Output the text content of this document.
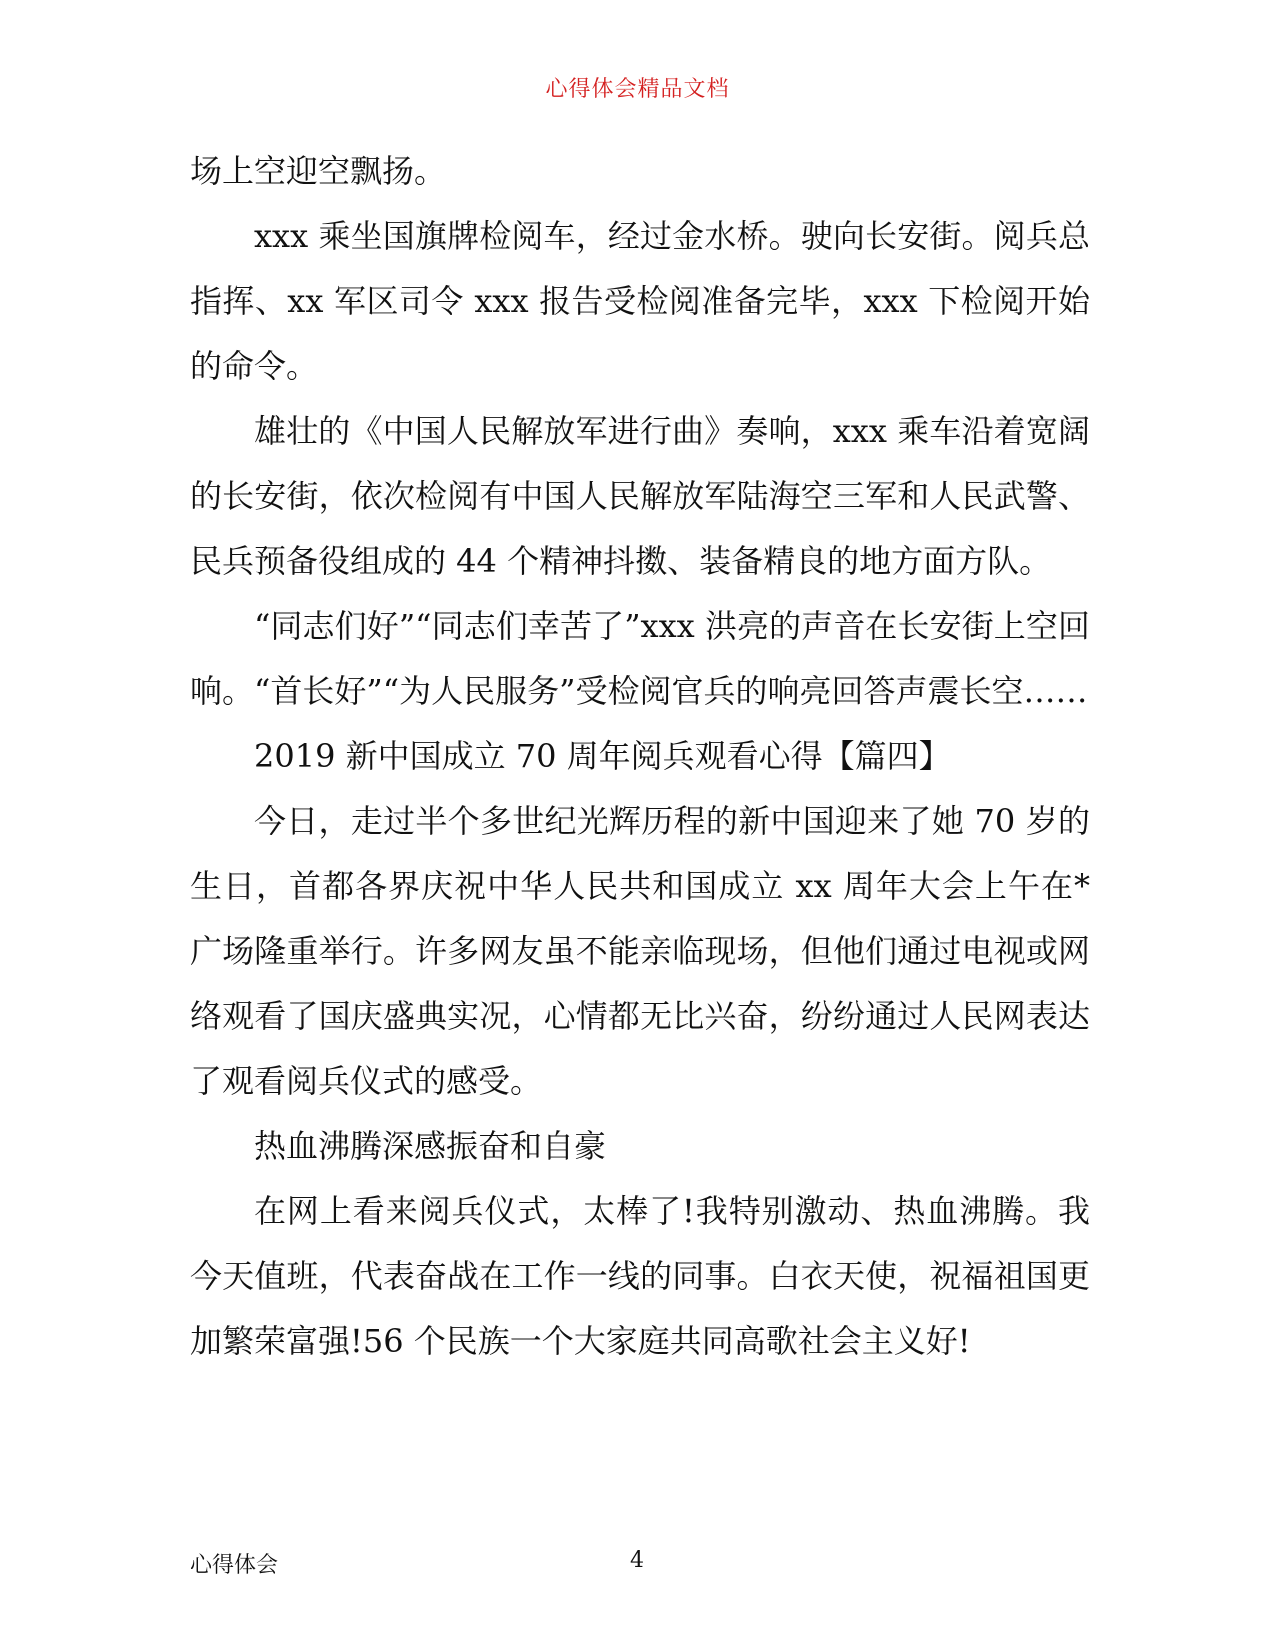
心得体会精品文档

场上空迎空飘扬。

xxx 乘坐国旗牌检阅车，经过金水桥。驶向长安街。阅兵总指挥、xx 军区司令 xxx 报告受检阅准备完毕，xxx 下检阅开始的命令。

雄壮的《中国人民解放军进行曲》奏响，xxx 乘车沿着宽阔的长安街，依次检阅有中国人民解放军陆海空三军和人民武警、民兵预备役组成的 44 个精神抖擞、装备精良的地方面方队。

“同志们好”“同志们幸苦了”xxx 洪亮的声音在长安街上空回响。“首长好”“为人民服务”受检阅官兵的响亮回答声震长空……

2019 新中国成立 70 周年阅兵观看心得【篇四】

今日，走过半个多世纪光辉历程的新中国迎来了她 70 岁的生日，首都各界庆祝中华人民共和国成立 xx 周年大会上午在*广场隆重举行。许多网友虽不能亲临现场，但他们通过电视或网络观看了国庆盛典实况，心情都无比兴奋，纷纷通过人民网表达了观看阅兵仪式的感受。

热血沸腾深感振奋和自豪

在网上看来阅兵仪式，太棒了!我特别激动、热血沸腾。我今天值班，代表奋战在工作一线的同事。白衣天使，祝福祖国更加繁荣富强!56 个民族一个大家庭共同高歌社会主义好!

心得体会	4
